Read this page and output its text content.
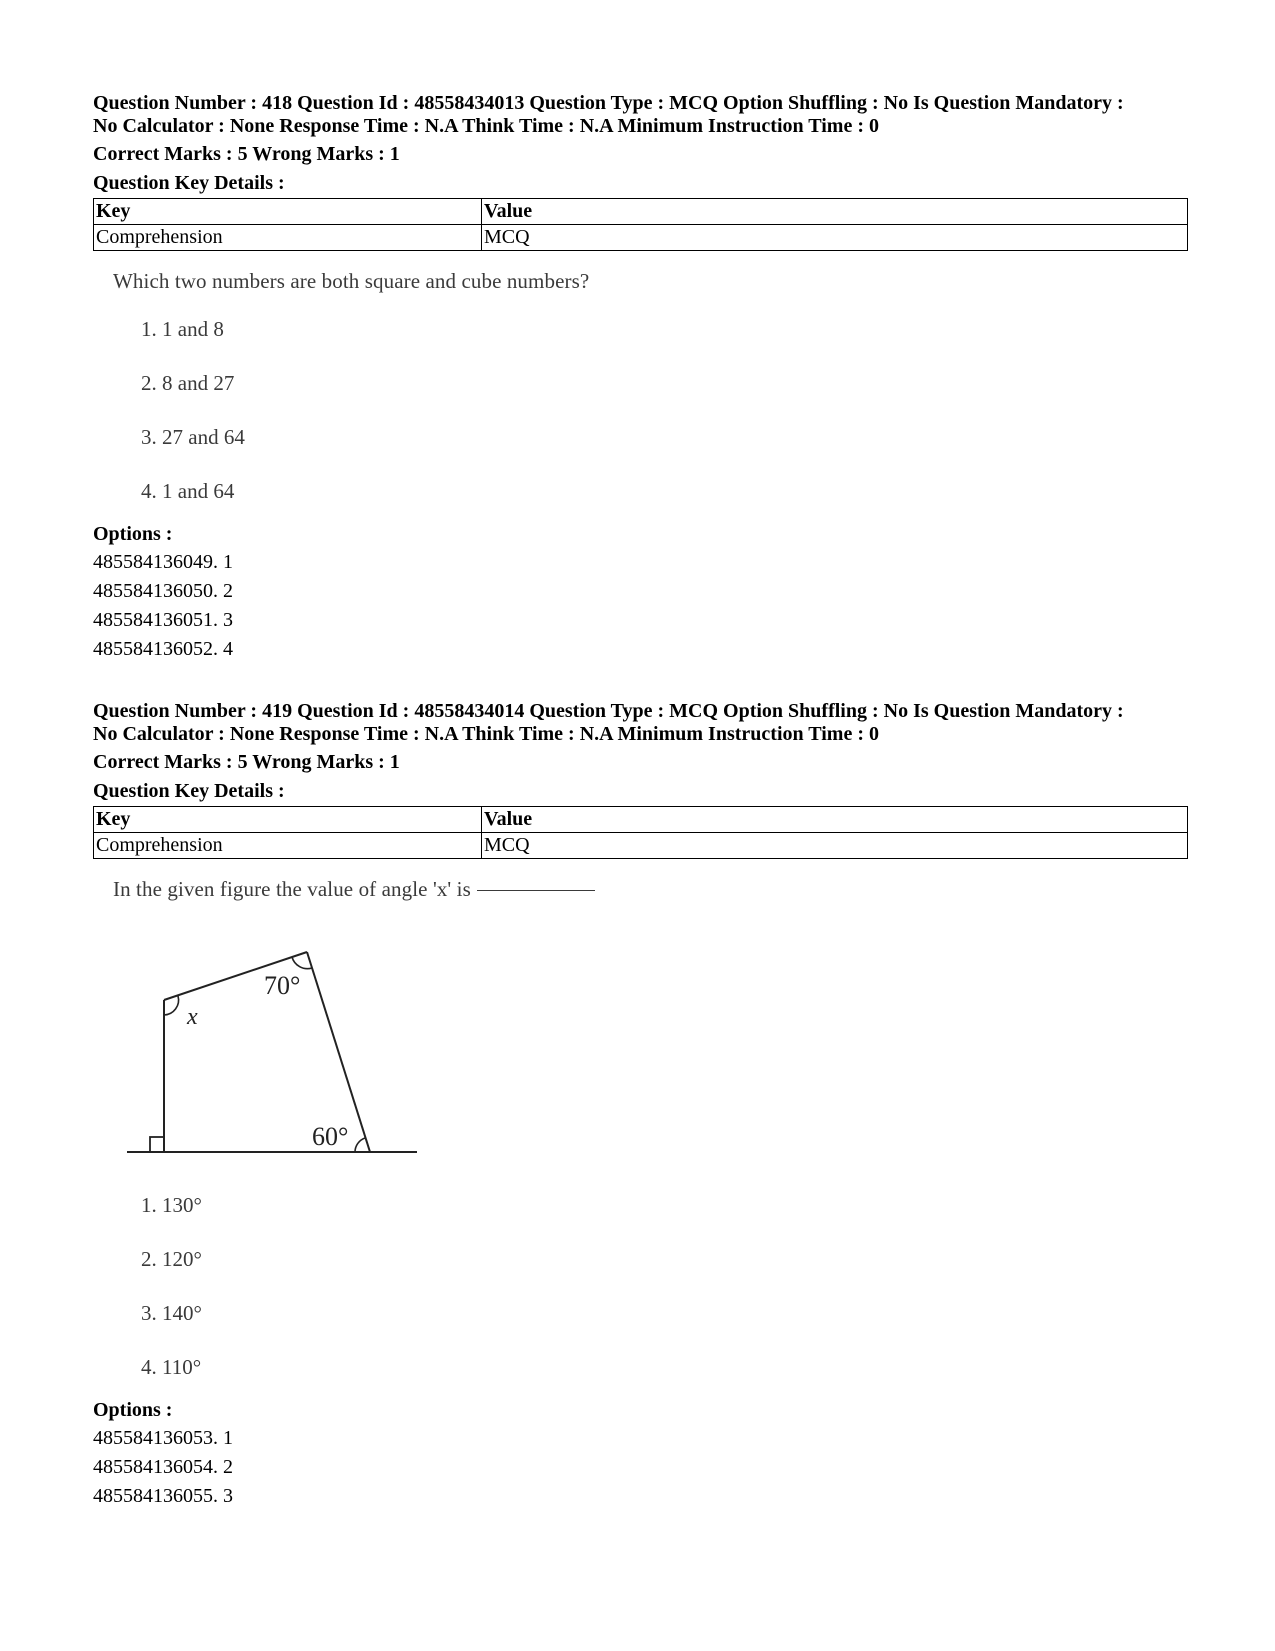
Question Number : 418 Question Id : 48558434013 Question Type : MCQ Option Shuffling : No Is Question Mandatory :
No Calculator : None Response Time : N.A Think Time : N.A Minimum Instruction Time : 0
Correct Marks : 5 Wrong Marks : 1
Question Key Details :
Key	Value
Comprehension	MCQ
Which two numbers are both square and cube numbers?
1. 1 and 8
2. 8 and 27
3. 27 and 64
4. 1 and 64
Options :
485584136049. 1
485584136050. 2
485584136051. 3
485584136052. 4
Question Number : 419 Question Id : 48558434014 Question Type : MCQ Option Shuffling : No Is Question Mandatory :
No Calculator : None Response Time : N.A Think Time : N.A Minimum Instruction Time : 0
Correct Marks : 5 Wrong Marks : 1
Question Key Details :
Key	Value
Comprehension	MCQ
In the given figure the value of angle 'x' is
70°
60°
x
1. 130°
2. 120°
3. 140°
4. 110°
Options :
485584136053. 1
485584136054. 2
485584136055. 3
